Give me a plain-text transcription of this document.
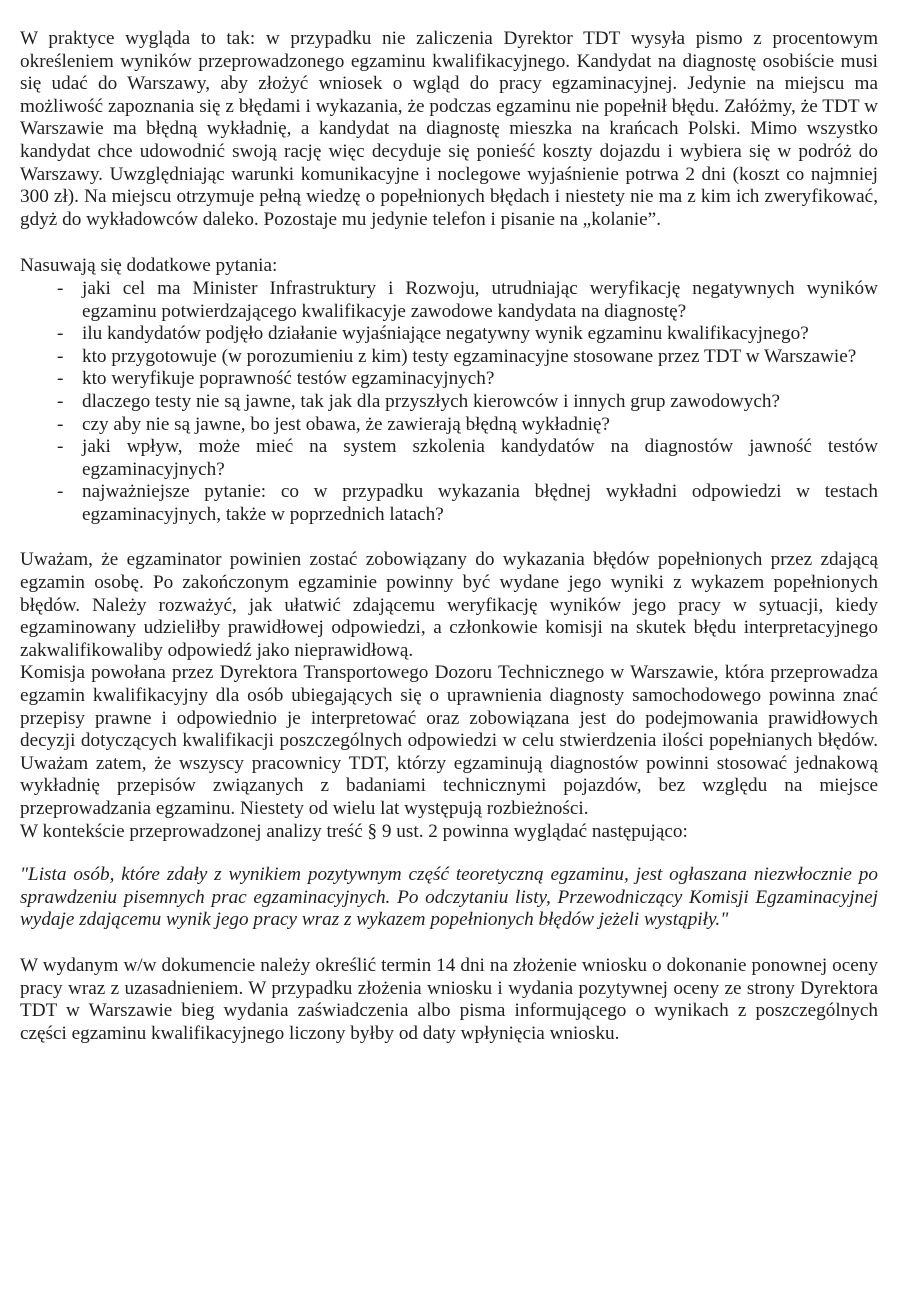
W praktyce wygląda to tak: w przypadku nie zaliczenia Dyrektor TDT wysyła pismo z procentowym określeniem wyników przeprowadzonego egzaminu kwalifikacyjnego. Kandydat na diagnostę osobiście musi się udać do Warszawy, aby złożyć wniosek o wgląd do pracy egzaminacyjnej. Jedynie na miejscu ma możliwość zapoznania się z błędami i wykazania, że podczas egzaminu nie popełnił błędu. Załóżmy, że TDT w Warszawie ma błędną wykładnię, a kandydat na diagnostę mieszka na krańcach Polski. Mimo wszystko kandydat chce udowodnić swoją rację więc decyduje się ponieść koszty dojazdu i wybiera się w podróż do Warszawy. Uwzględniając warunki komunikacyjne i noclegowe wyjaśnienie potrwa 2 dni (koszt co najmniej 300 zł). Na miejscu otrzymuje pełną wiedzę o popełnionych błędach i niestety nie ma z kim ich zweryfikować, gdyż do wykładowców daleko. Pozostaje mu jedynie telefon i pisanie na „kolanie”.

Nasuwają się dodatkowe pytania:

- jaki cel ma Minister Infrastruktury i Rozwoju, utrudniając weryfikację negatywnych wyników egzaminu potwierdzającego kwalifikacyje zawodowe kandydata na diagnostę?
- ilu kandydatów podjęło działanie wyjaśniające negatywny wynik egzaminu kwalifikacyjnego?
- kto przygotowuje (w porozumieniu z kim) testy egzaminacyjne stosowane przez TDT w Warszawie?
- kto weryfikuje poprawność testów egzaminacyjnych?
- dlaczego testy nie są jawne, tak jak dla przyszłych kierowców i innych grup zawodowych?
- czy aby nie są jawne, bo jest obawa, że zawierają błędną wykładnię?
- jaki wpływ, może mieć na system szkolenia kandydatów na diagnostów jawność testów egzaminacyjnych?
- najważniejsze pytanie: co w przypadku wykazania błędnej wykładni odpowiedzi w testach egzaminacyjnych, także w poprzednich latach?

Uważam, że egzaminator powinien zostać zobowiązany do wykazania błędów popełnionych przez zdającą egzamin osobę. Po zakończonym egzaminie powinny być wydane jego wyniki z wykazem popełnionych błędów. Należy rozważyć, jak ułatwić zdającemu weryfikację wyników jego pracy w sytuacji, kiedy egzaminowany udzieliłby prawidłowej odpowiedzi, a członkowie komisji na skutek błędu interpretacyjnego zakwalifikowaliby odpowiedź jako nieprawidłową.

Komisja powołana przez Dyrektora Transportowego Dozoru Technicznego w Warszawie, która przeprowadza egzamin kwalifikacyjny dla osób ubiegających się o uprawnienia diagnosty samochodowego powinna znać przepisy prawne i odpowiednio je interpretować oraz zobowiązana jest do podejmowania prawidłowych decyzji dotyczących kwalifikacji poszczególnych odpowiedzi w celu stwierdzenia ilości popełnianych błędów. Uważam zatem, że wszyscy pracownicy TDT, którzy egzaminują diagnostów powinni stosować jednakową wykładnię przepisów związanych z badaniami technicznymi pojazdów, bez względu na miejsce przeprowadzania egzaminu. Niestety od wielu lat występują rozbieżności.

W kontekście przeprowadzonej analizy treść § 9 ust. 2 powinna wyglądać następująco:

"Lista osób, które zdały z wynikiem pozytywnym część teoretyczną egzaminu, jest ogłaszana niezwłocznie po sprawdzeniu pisemnych prac egzaminacyjnych. Po odczytaniu listy, Przewodniczący Komisji Egzaminacyjnej wydaje zdającemu wynik jego pracy wraz z wykazem popełnionych błędów jeżeli wystąpiły."

W wydanym w/w dokumencie należy określić termin 14 dni na złożenie wniosku o dokonanie ponownej oceny pracy wraz z uzasadnieniem. W przypadku złożenia wniosku i wydania pozytywnej oceny ze strony Dyrektora TDT w Warszawie bieg wydania zaświadczenia albo pisma informującego o wynikach z poszczególnych części egzaminu kwalifikacyjnego liczony byłby od daty wpłynięcia wniosku.
